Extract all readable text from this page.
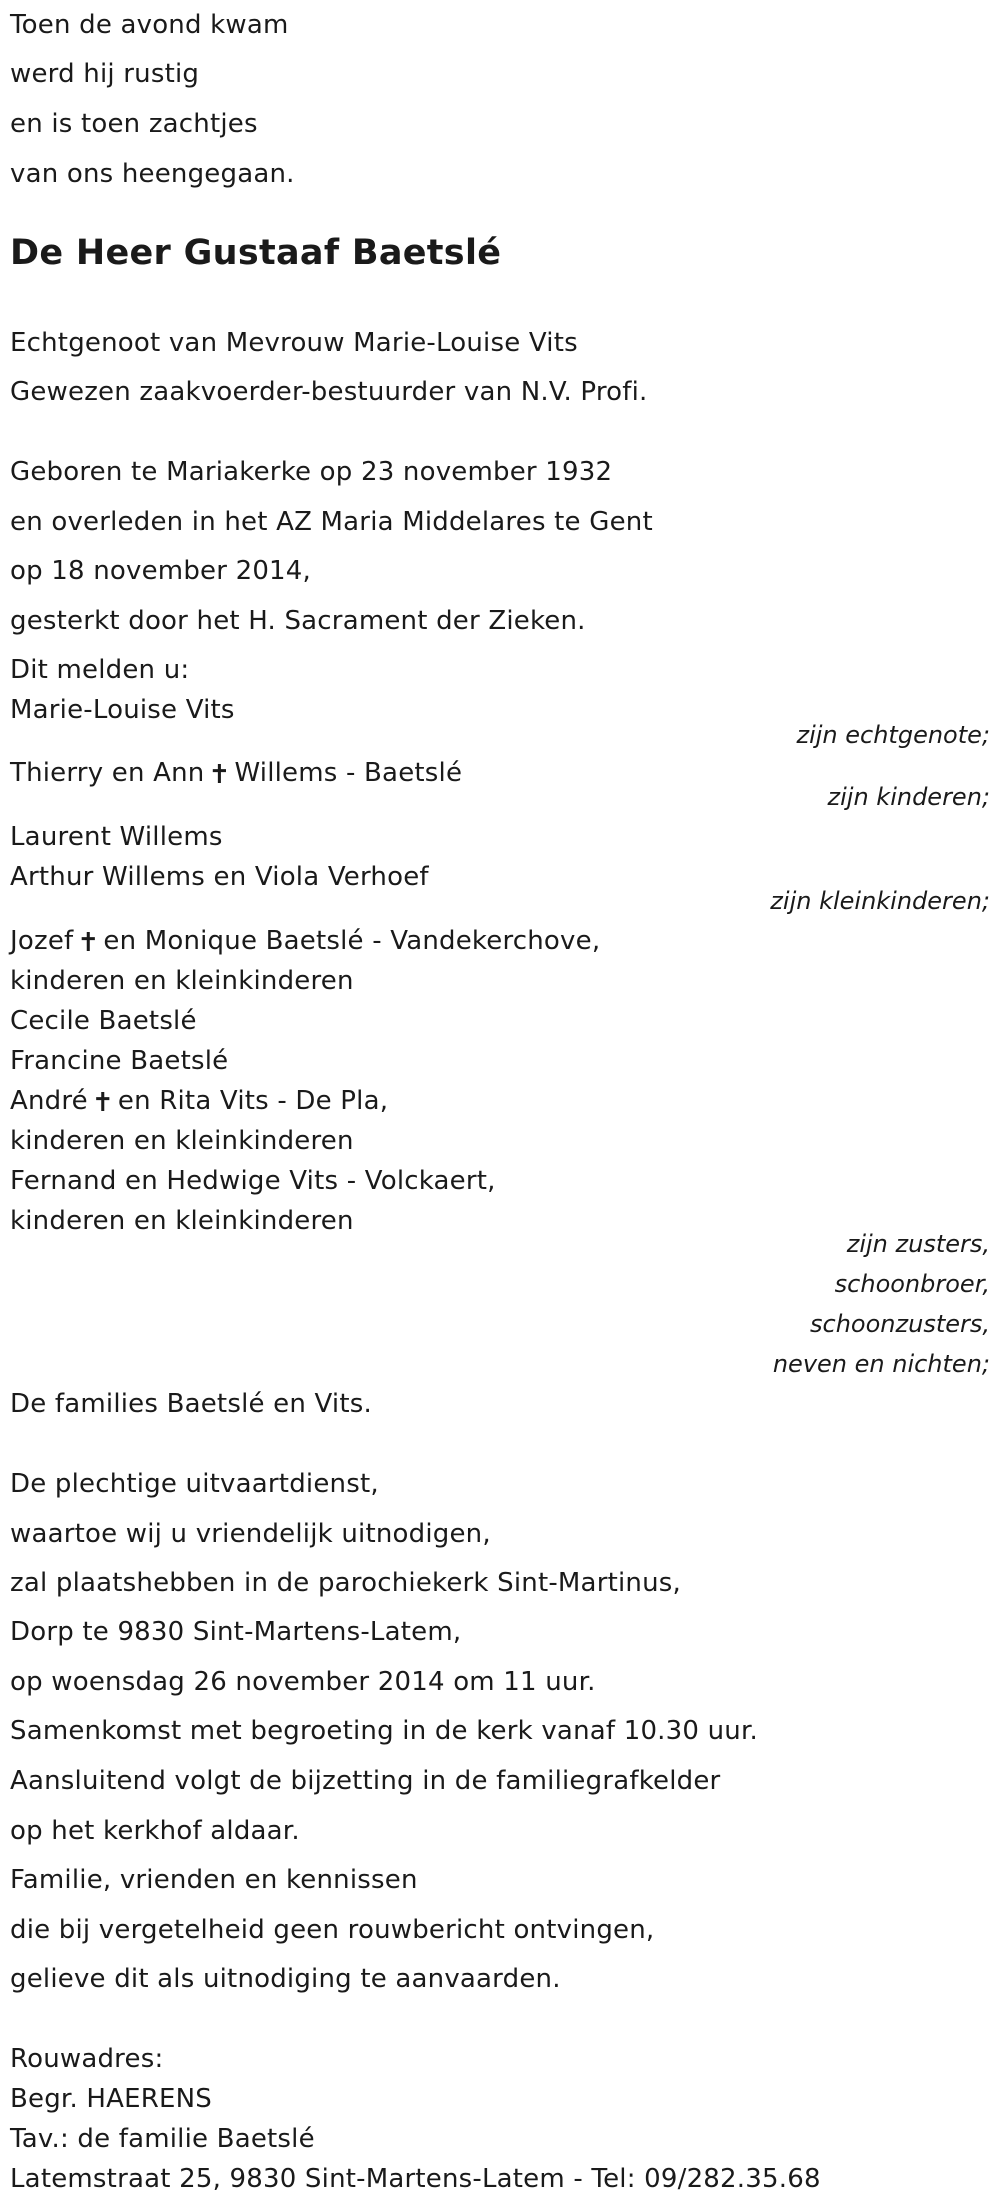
Toen de avond kwam
werd hij rustig
en is toen zachtjes
van ons heengegaan.
De Heer Gustaaf Baetslé
Echtgenoot van Mevrouw Marie-Louise Vits
Gewezen zaakvoerder-bestuurder van N.V. Profi.
Geboren te Mariakerke op 23 november 1932
en overleden in het AZ Maria Middelares te Gent
op 18 november 2014,
gesterkt door het H. Sacrament der Zieken.
Dit melden u:
Marie-Louise Vits
zijn echtgenote;
Thierry en Ann ✝ Willems - Baetslé
zijn kinderen;
Laurent Willems
Arthur Willems en Viola Verhoef
zijn kleinkinderen;
Jozef ✝ en Monique Baetslé - Vandekerchove,
kinderen en kleinkinderen
Cecile Baetslé
Francine Baetslé
André ✝ en Rita Vits - De Pla,
kinderen en kleinkinderen
Fernand en Hedwige Vits - Volckaert,
kinderen en kleinkinderen
zijn zusters,
schoonbroer,
schoonzusters,
neven en nichten;
De families Baetslé en Vits.
De plechtige uitvaartdienst,
waartoe wij u vriendelijk uitnodigen,
zal plaatshebben in de parochiekerk Sint-Martinus,
Dorp te 9830 Sint-Martens-Latem,
op woensdag 26 november 2014 om 11 uur.
Samenkomst met begroeting in de kerk vanaf 10.30 uur.
Aansluitend volgt de bijzetting in de familiegrafkelder
op het kerkhof aldaar.
Familie, vrienden en kennissen
die bij vergetelheid geen rouwbericht ontvingen,
gelieve dit als uitnodiging te aanvaarden.
Rouwadres:
Begr. HAERENS
Tav.: de familie Baetslé
Latemstraat 25, 9830 Sint-Martens-Latem - Tel: 09/282.35.68
